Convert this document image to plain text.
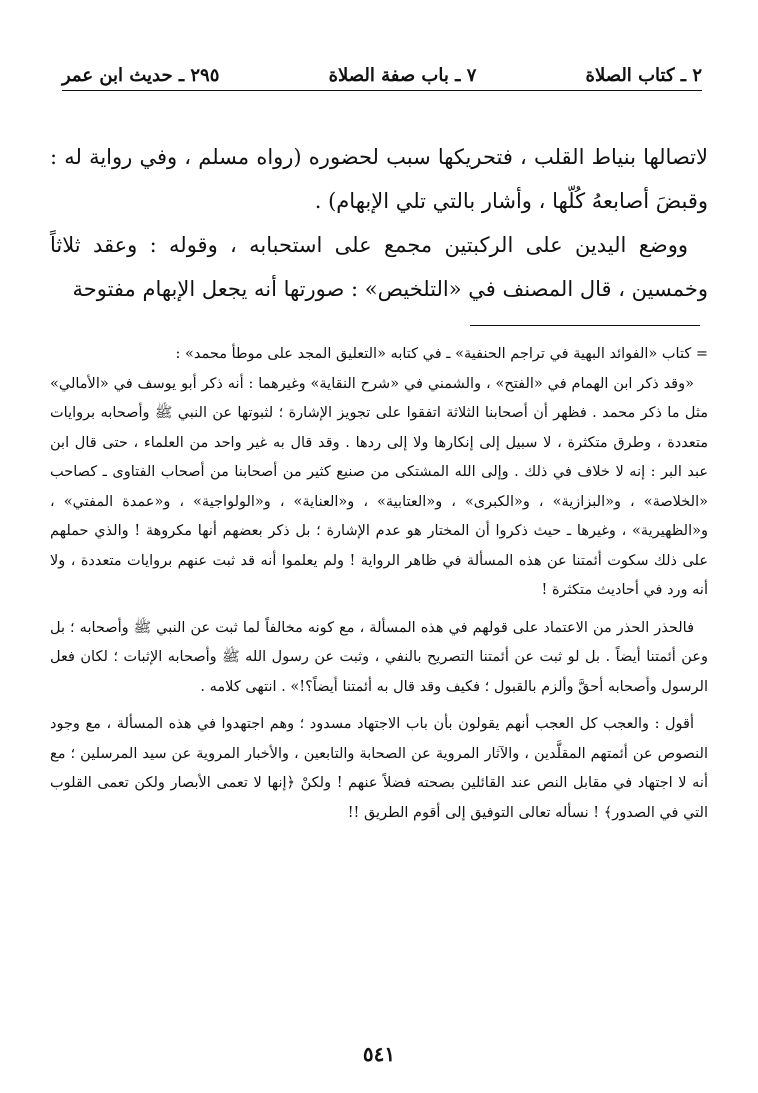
٢ ـ كتاب الصلاة
٧ ـ باب صفة الصلاة
٢٩٥ ـ حديث ابن عمر

لاتصالها بنياط القلب ، فتحريكها سبب لحضوره (رواه مسلم ، وفي رواية له : وقبضَ أصابعهُ كُلّها ، وأشار بالتي تلي الإبهام) .

ووضع اليدين على الركبتين مجمع على استحبابه ، وقوله : وعقد ثلاثاً وخمسين ، قال المصنف في «التلخيص» : صورتها أنه يجعل الإبهام مفتوحة

= كتاب «الفوائد البهية في تراجم الحنفية» ـ في كتابه «التعليق المجد على موطأ محمد» :

«وقد ذكر ابن الهمام في «الفتح» ، والشمني في «شرح النقاية» وغيرهما : أنه ذكر أبو يوسف في «الأمالي» مثل ما ذكر محمد . فظهر أن أصحابنا الثلاثة اتفقوا على تجويز الإشارة ؛ لثبوتها عن النبي ﷺ وأصحابه بروايات متعددة ، وطرق متكثرة ، لا سبيل إلى إنكارها ولا إلى ردها . وقد قال به غير واحد من العلماء ، حتى قال ابن عبد البر : إنه لا خلاف في ذلك . وإلى الله المشتكى من صنيع كثير من أصحابنا من أصحاب الفتاوى ـ كصاحب «الخلاصة» ، و«البزازية» ، و«الكبرى» ، و«العتابية» ، و«العناية» ، و«الولواجية» ، و«عمدة المفتي» ، و«الظهيرية» ، وغيرها ـ حيث ذكروا أن المختار هو عدم الإشارة ؛ بل ذكر بعضهم أنها مكروهة ! والذي حملهم على ذلك سكوت أئمتنا عن هذه المسألة في ظاهر الرواية ! ولم يعلموا أنه قد ثبت عنهم بروايات متعددة ، ولا أنه ورد في أحاديث متكثرة !

فالحذر الحذر من الاعتماد على قولهم في هذه المسألة ، مع كونه مخالفاً لما ثبت عن النبي ﷺ وأصحابه ؛ بل وعن أئمتنا أيضاً . بل لو ثبت عن أئمتنا التصريح بالنفي ، وثبت عن رسول الله ﷺ وأصحابه الإثبات ؛ لكان فعل الرسول وأصحابه أحقَّ وألزم بالقبول ؛ فكيف وقد قال به أئمتنا أيضاً؟!» . انتهى كلامه .

أقول : والعجب كل العجب أنهم يقولون بأن باب الاجتهاد مسدود ؛ وهم اجتهدوا في هذه المسألة ، مع وجود النصوص عن أئمتهم المقلَّدين ، والآثار المروية عن الصحابة والتابعين ، والأخبار المروية عن سيد المرسلين ؛ مع أنه لا اجتهاد في مقابل النص عند القائلين بصحته فضلاً عنهم ! ولكنْ ﴿إنها لا تعمى الأبصار ولكن تعمى القلوب التي في الصدور﴾ ! نسأله تعالى التوفيق إلى أقوم الطريق !!

٥٤١
